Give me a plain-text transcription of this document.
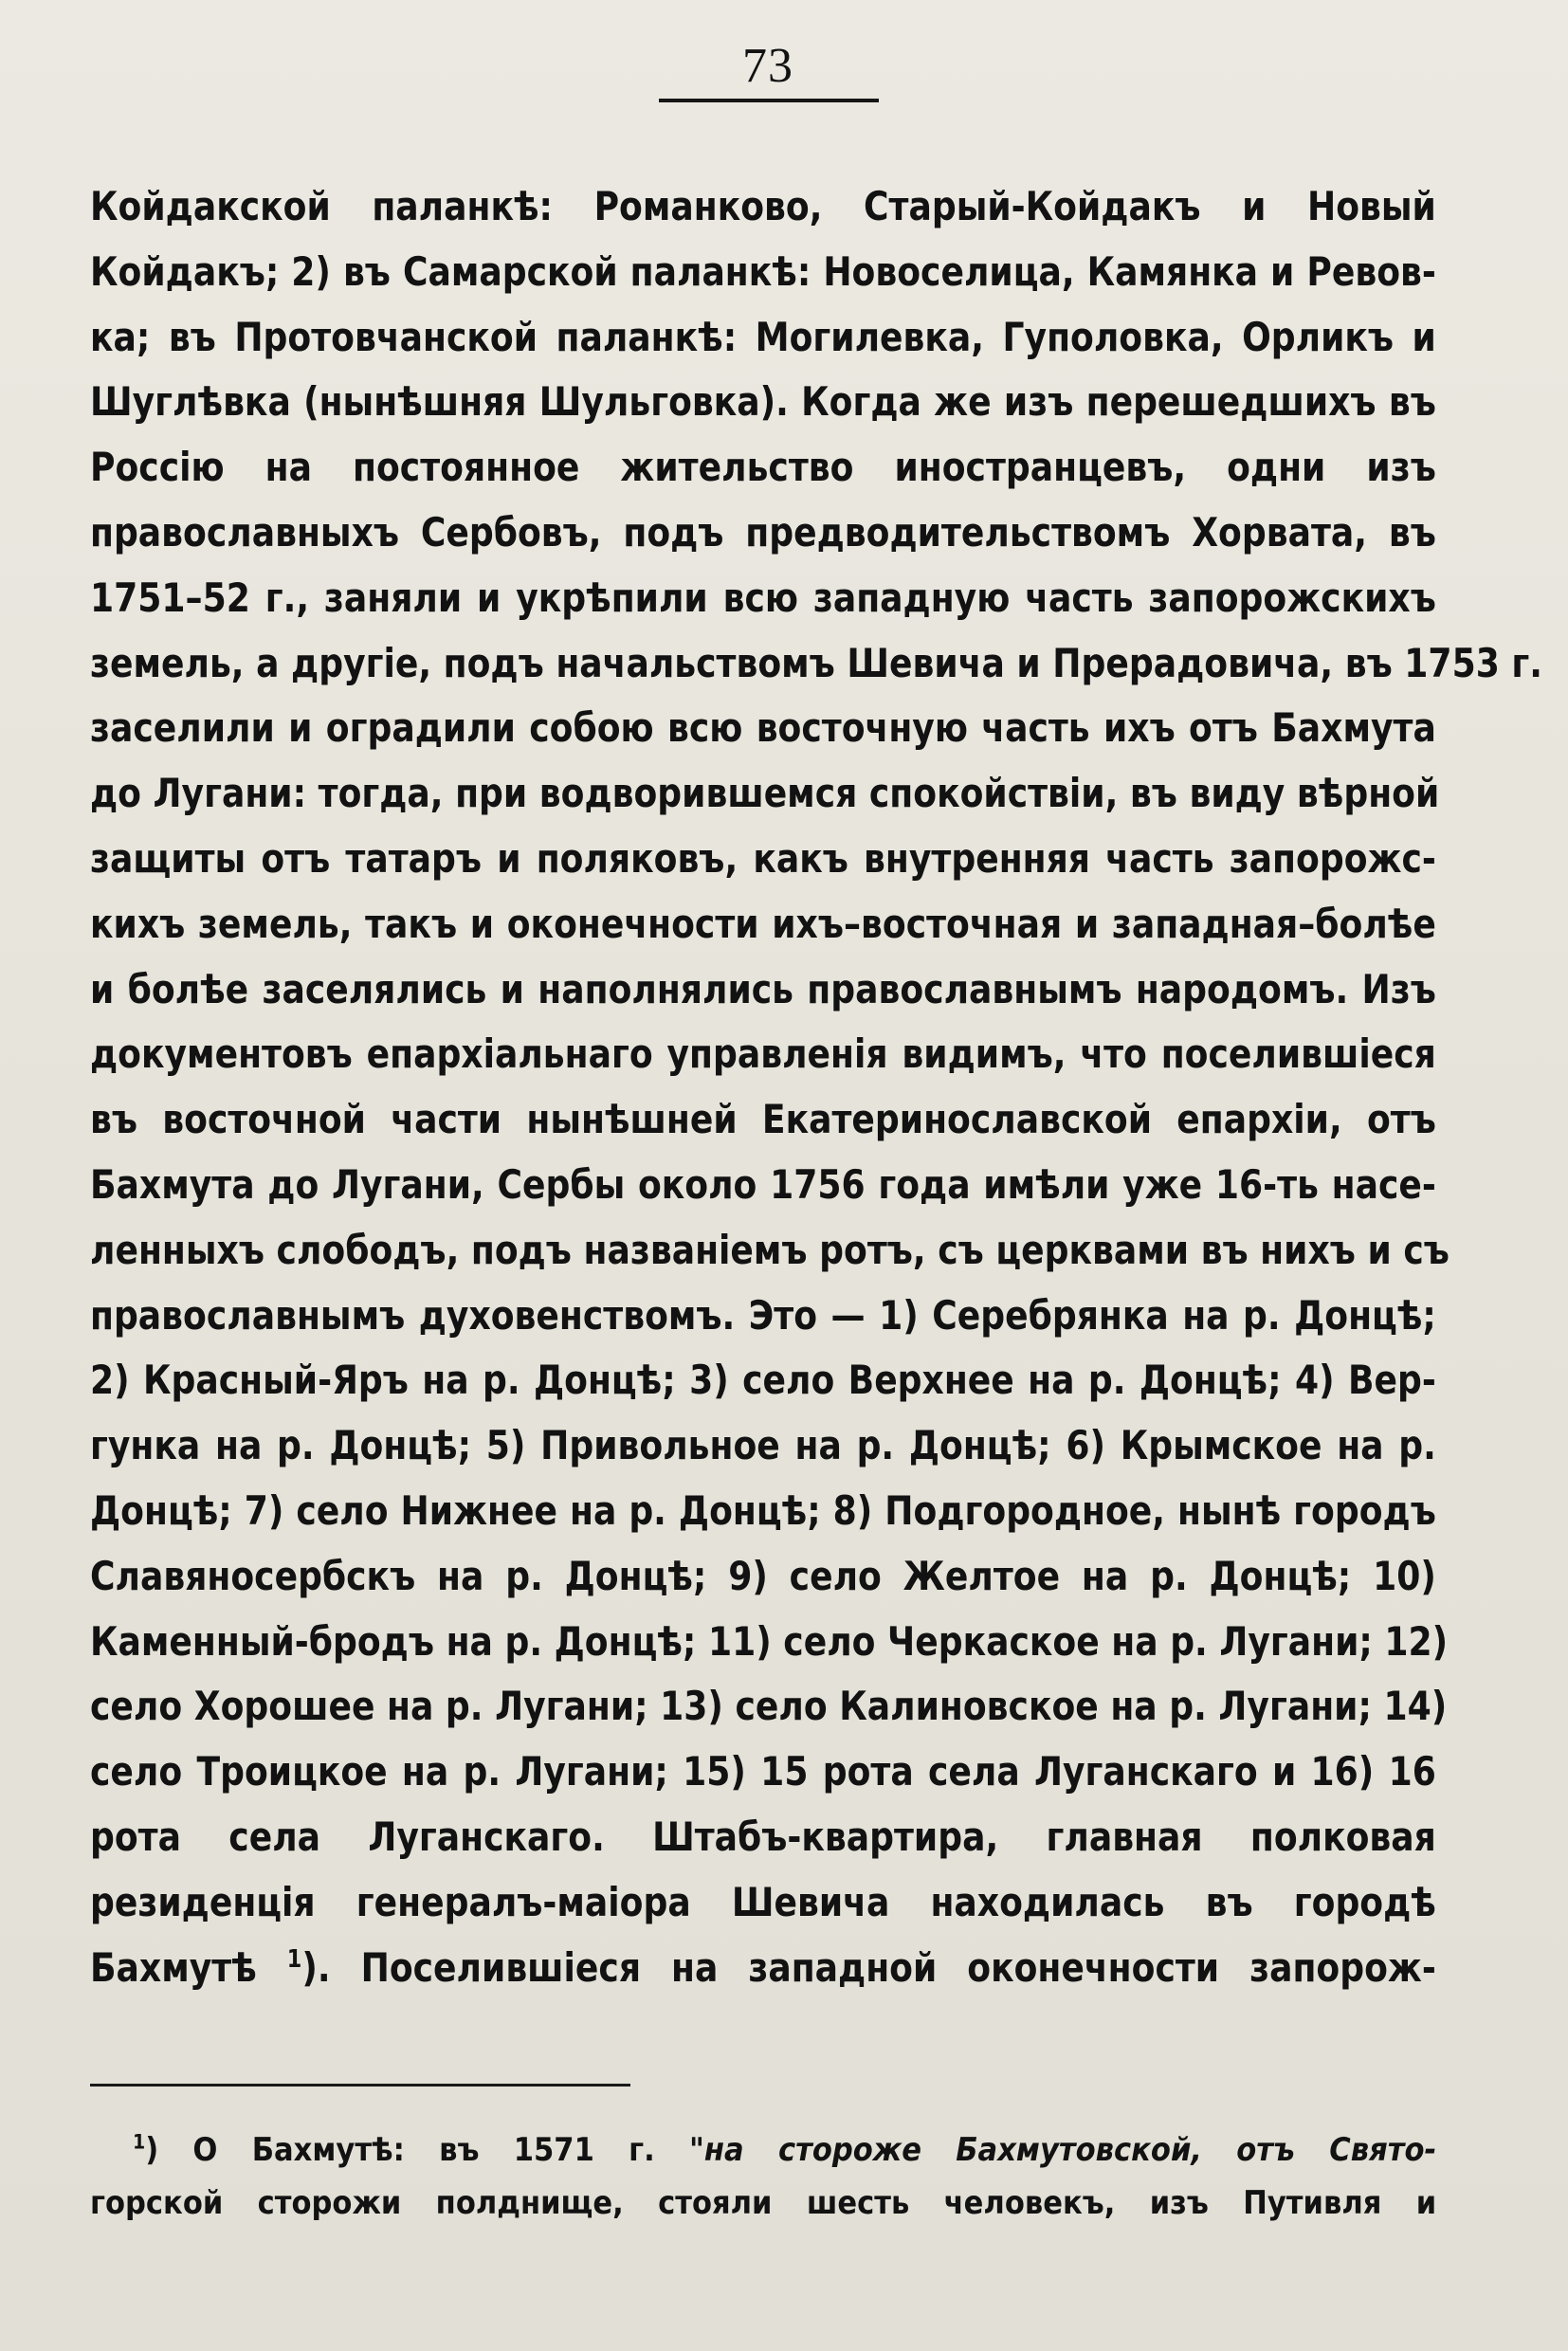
73
Койдакской паланкѣ: Романково, Старый-Койдакъ и Новый
Койдакъ; 2) въ Самарской паланкѣ: Новоселица, Камянка и Ревов-
ка; въ Протовчанской паланкѣ: Могилевка, Гуполовка, Орликъ и
Шуглѣвка (нынѣшняя Шульговка). Когда же изъ перешедшихъ въ
Россію на постоянное жительство иностранцевъ, одни изъ
православныхъ Сербовъ, подъ предводительствомъ Хорвата, въ
1751–52 г., заняли и укрѣпили всю западную часть запорожскихъ
земель, а другіе, подъ начальствомъ Шевича и Прерадовича, въ 1753 г.
заселили и оградили собою всю восточную часть ихъ отъ Бахмута
до Лугани: тогда, при водворившемся спокойствіи, въ виду вѣрной
защиты отъ татаръ и поляковъ, какъ внутренняя часть запорожс-
кихъ земель, такъ и оконечности ихъ–восточная и западная–болѣе
и болѣе заселялись и наполнялись православнымъ народомъ. Изъ
документовъ епархіальнаго управленія видимъ, что поселившіеся
въ восточной части нынѣшней Екатеринославской епархіи, отъ
Бахмута до Лугани, Сербы около 1756 года имѣли уже 16-ть насе-
ленныхъ слободъ, подъ названіемъ ротъ, съ церквами въ нихъ и съ
православнымъ духовенствомъ. Это — 1) Серебрянка на р. Донцѣ;
2) Красный-Яръ на р. Донцѣ; 3) село Верхнее на р. Донцѣ; 4) Вер-
гунка на р. Донцѣ; 5) Привольное на р. Донцѣ; 6) Крымское на р.
Донцѣ; 7) село Нижнее на р. Донцѣ; 8) Подгородное, нынѣ городъ
Славяносербскъ на р. Донцѣ; 9) село Желтое на р. Донцѣ; 10)
Каменный-бродъ на р. Донцѣ; 11) село Черкаское на р. Лугани; 12)
село Хорошее на р. Лугани; 13) село Калиновское на р. Лугани; 14)
село Троицкое на р. Лугани; 15) 15 рота села Луганскаго и 16) 16
рота села Луганскаго. Штабъ-квартира, главная полковая
резиденція генералъ-маіора Шевича находилась въ городѣ
Бахмутѣ $^1$). Поселившіеся на западной оконечности запорож-
$^1$) О Бахмутѣ: въ 1571 г. "на стороже Бахмутовской, отъ Свято-
горской сторожи полднище, стояли шесть человекъ, изъ Путивля и
